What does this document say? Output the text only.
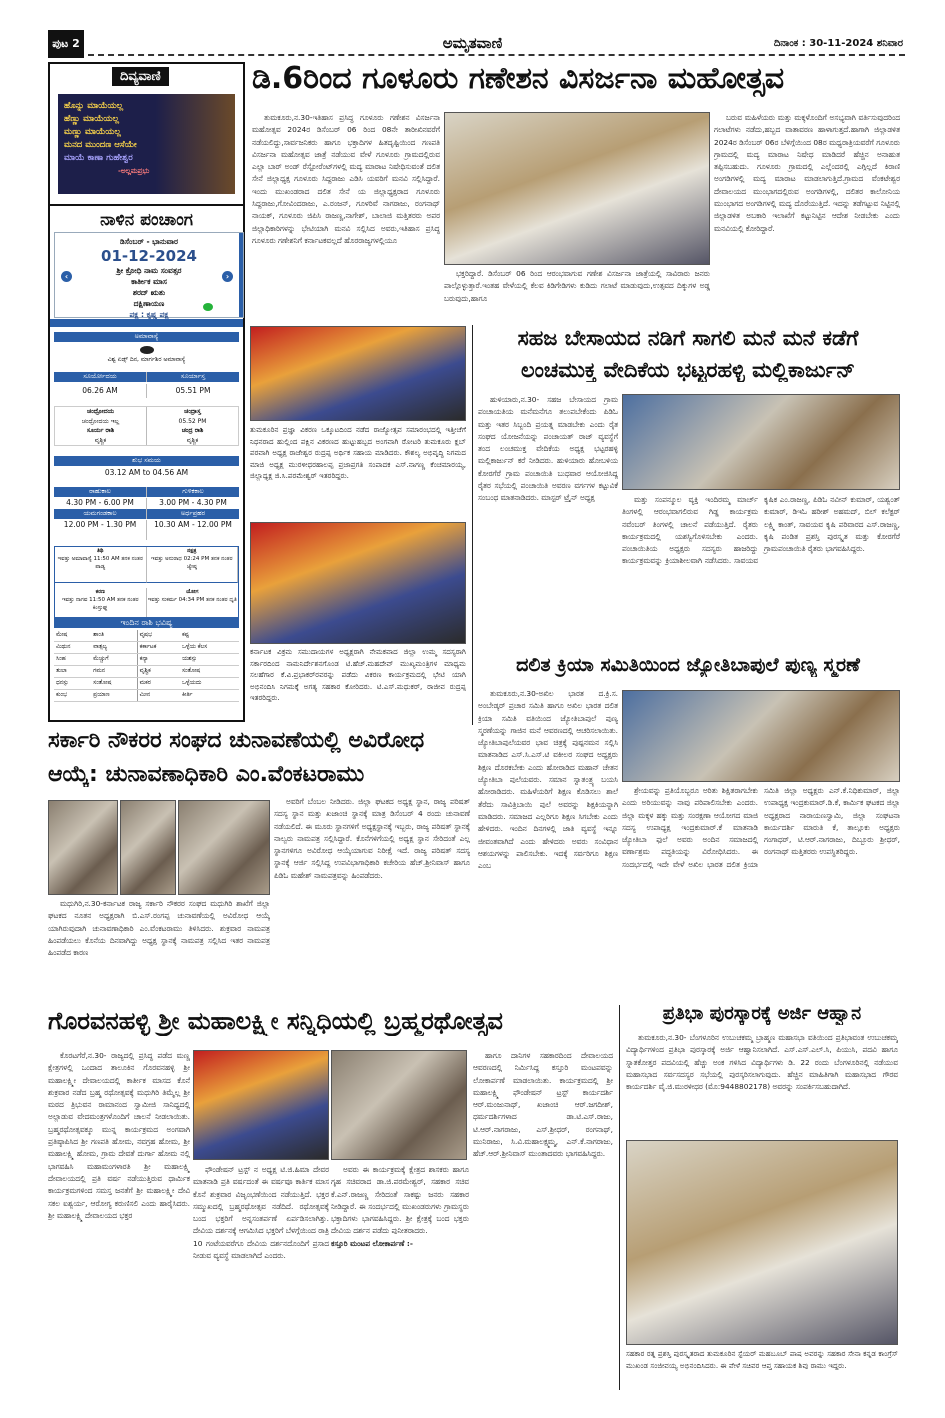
ಪುಟ 2	ಅಮೃತವಾಣಿ	ದಿನಾಂಕ : 30-11-2024 ಶನಿವಾರ
ದಿವ್ಯವಾಣಿ
ಹೊನ್ನು ಮಾಯೆಯಲ್ಲ
ಹೆಣ್ಣು ಮಾಯೆಯಲ್ಲ
ಮಣ್ಣು ಮಾಯೆಯಲ್ಲ
ಮನದ ಮುಂದಣ ಆಸೆಯೇ
ಮಾಯೆ ಕಾಣಾ ಗುಹೇಶ್ವರ
-ಅಲ್ಲಮಪ್ರಭು
ನಾಳಿನ ಪಂಚಾಂಗ
ಡಿಸೆಂಬರ್ - ಭಾನುವಾರ
01-12-2024
ಶ್ರೀ ಕ್ರೋಧಿ ನಾಮ ಸಂವತ್ಸರ
ಕಾರ್ತೀಕ ಮಾಸ
ಶರದ್ ಋತು
ದಕ್ಷಿಣಾಯಣ
ಪಕ್ಷ : ಕೃಷ್ಣ ಪಕ್ಷ
‹	›
ಅಮಾವಾಸ್ಯೆ
ವಿಶ್ವ ಏಡ್ಸ್ ದಿನ, ಮಾರ್ಗಶಿರ ಅಮಾವಾಸ್ಯೆ
ಸೂರ್ಯೋದಯ	ಸೂರ್ಯಾಸ್ತ
06.26 AM	05.51 PM
ಚಂದ್ರೋದಯ
ಚಂದ್ರೋದಯ ಇಲ್ಲ
ಸೂರ್ಯ ರಾಶಿ
ವೃಶ್ಚಿಕ
ಚಂದ್ರಾಸ್ತ
05.52 PM
ಚಂದ್ರ ರಾಶಿ
ವೃಶ್ಚಿಕ
ಶುಭ ಸಮಯ
03.12 AM to 04.56 AM
ರಾಹುಕಾಲ	ಗುಳಿಕಕಾಲ
4.30 PM - 6.00 PM	3.00 PM - 4.30 PM
ಯಮಗಂಡಕಾಲ	ಅರ್ಧಪ್ರಹರ
12.00 PM - 1.30 PM	10.30 AM - 12.00 PM
ತಿಥಿ
ಇವತ್ತು ಅಮಾವಾಸ್ಯೆ 11:50 AM ತನಕ ನಂತರ ಪಾಡ್ಯ
ನಕ್ಷತ್ರ
ಇವತ್ತು ಅನುರಾಧ 02:24 PM ತನಕ ನಂತರ ಜ್ಯೇಷ್ಠ
ಕರಣ
ಇವತ್ತು ನಾಗವ 11:50 AM ತನಕ ನಂತರ ಕಿಂಸ್ತುಘ್ನ
ಯೋಗ
ಇವತ್ತು ಸುಕರ್ಮ 04:34 PM ತನಕ ನಂತರ ಧೃತಿ
ಇಂದಿನ ರಾಶಿ ಭವಿಷ್ಯ
ಮೇಷ	ಶಾಂತಿ	ವೃಷಭ	ಕಷ್ಟ
ಮಿಥುನ	ವಾತ್ಸಲ್ಯ	ಕರ್ಕಾಟಕ	ಒಳ್ಳೆಯ ಕೆಲಸ
ಸಿಂಹ	ಮೆಚ್ಚುಗೆ	ಕನ್ಯಾ	ಯಶಸ್ಸು
ತುಲಾ	ಗಮನ	ವೃಶ್ಚಿಕ	ಸಂತೋಷ
ಧನಸ್ಸು	ಸಂತೋಷ	ಮಕರ	ಒಳ್ಳೆಯದು
ಕುಂಭ	ಪ್ರಯಾಣ	ಮೀನ	ಕೀರ್ತಿ
ಡಿ.6ರಿಂದ ಗೂಳೂರು ಗಣೇಶನ ವಿಸರ್ಜನಾ ಮಹೋತ್ಸವ

ತುಮಕೂರು,ನ.30-ಇತಿಹಾಸ ಪ್ರಸಿದ್ಧ ಗೂಳೂರು ಗಣೇಶನ ವಿಸರ್ಜನಾ ಮಹೋತ್ಸವ 2024ರ ಡಿಸೆಂಬರ್ 06 ರಿಂದ 08ನೇ ತಾರೀಖಿನವರೆಗೆ ನಡೆಯಲಿದ್ದು,ಸಾರ್ವಜನಿಕರು ಹಾಗೂ ಭಕ್ತಾದಿಗಳ ಹಿತದೃಷ್ಟಿಯಿಂದ ಗಣಪತಿ ವಿಸರ್ಜನಾ ಮಹೋತ್ಸವ ಜಾತ್ರೆ ನಡೆಯುವ ವೇಳೆ ಗೂಳೂರು ಗ್ರಾಮದಲ್ಲಿರುವ ಎಲ್ಲಾ ಬಾರ್ ಅಂಡ್ ರೆಸ್ಟೋರೆಂಟ್‌ಗಳಲ್ಲಿ ಮದ್ಯ ಮಾರಾಟ ನಿಷೇಧಿಸುವಂತೆ ದಲಿತ ಸೇನೆ ಜಿಲ್ಲಾಧ್ಯಕ್ಷ ಗೂಳೂರು ಸಿದ್ದರಾಜು ಎಡಿಸಿ ಯವರಿಗೆ ಮನವಿ ಸಲ್ಲಿಸಿದ್ದಾರೆ. ಇಂದು ಮುಖಂಡರಾದ ದಲಿತ ಸೇನೆ ಯ ಜಿಲ್ಲಾಧ್ಯಕ್ಷರಾದ ಗೂಳೂರು ಸಿದ್ದರಾಜು,ಗೋವಿಂದರಾಜು, ಎ.ರಂಜನ್, ಗೂಳರಿವೆ ನಾಗರಾಜು, ರಂಗನಾಥ್ ನಾಯಕ್, ಗೂಳೂರು ಜಿಪಿಸಿ ರಾಜಣ್ಣ,ನಾಗೇಶ್, ಬಾಲಾಜಿ ಮತ್ತಿತರರು ಅಪರ ಜಿಲ್ಲಾಧಿಕಾರಿಗಳನ್ನು ಭೇಟಿಯಾಗಿ ಮನವಿ ಸಲ್ಲಿಸಿದ ಅವರು,ಇತಿಹಾಸ ಪ್ರಸಿದ್ಧ ಗೂಳೂರು ಗಣೇಶನಿಗೆ ಕರ್ನಾಟಕವಲ್ಲದೆ ಹೊರರಾಜ್ಯಗಳಲ್ಲಿಯೂ

ಭಕ್ತರಿದ್ದಾರೆ. ಡಿಸೆಂಬರ್ 06 ರಿಂದ ಆರಂಭವಾಗುವ ಗಣೇಶ ವಿಸರ್ಜನಾ ಜಾತ್ರೆಯಲ್ಲಿ ಸಾವಿರಾರು ಜನರು ಪಾಲ್ಗೊಳ್ಳುತ್ತಾರೆ.ಇಂತಹ ವೇಳೆಯಲ್ಲಿ ಕೆಲವ ಕಿಡಿಗೇಡಿಗಳು ಕುಡಿದು ಗಲಾಟೆ ಮಾಡುವುದು,ಉತ್ಸವದ ದಿಕ್ಕುಗಳ ಅಡ್ಡ ಬರುವುದು,ಹಾಗೂ

ಬರುವ ಮಹಿಳೆಯರು ಮತ್ತು ಮಕ್ಕಳೊಂದಿಗೆ ಅಸಭ್ಯವಾಗಿ ವರ್ತಿಸುವುದರಿಂದ ಗಲಾಟೆಗಳು ನಡೆದು,ಹಬ್ಬದ ವಾತಾವರಣ ಹಾಳಾಗುತ್ತದೆ.ಹಾಗಾಗಿ ಜಿಲ್ಲಾಡಳಿತ 2024ರ ಡಿಸೆಂಬರ್ 06ರ ಬೆಳಿಗ್ಗೆಯಿಂದ 08ರ ಮಧ್ಯರಾತ್ರಿಯವರೆಗೆ ಗೂಳೂರು ಗ್ರಾಮದಲ್ಲಿ ಮದ್ಯ ಮಾರಾಟ ನಿಷೇಧ ಮಾಡಿದರೆ ಹೆಚ್ಚಿನ ಅನಾಹುತ ತಪ್ಪಿಸಬಹುದು. ಗೂಳೂರು ಗ್ರಾಮದಲ್ಲಿ ಎಲ್ಲೆಂದರಲ್ಲಿ ಎಗ್ಗಿಲ್ಲದೆ ಕಿರಾಣಿ ಅಂಗಡಿಗಳಲ್ಲಿ ಮದ್ಯ ಮಾರಾಟ ಮಾಡಲಾಗುತ್ತಿದೆ.ಗ್ರಾಮದ ವೆಂಕಟೇಶ್ವರ ದೇವಾಲಯದ ಮುಂಭಾಗದಲ್ಲಿರುವ ಅಂಗಡಿಗಳಲ್ಲಿ, ದಲಿತರ ಕಾಲೋನಿಯ ಮುಂಭಾಗದ ಅಂಗಡಿಗಳಲ್ಲಿ ಮದ್ಯ ದೊರೆಯುತ್ತಿದೆ. ಇದನ್ನು ತಡೆಗಟ್ಟುವ ನಿಟ್ಟಿನಲ್ಲಿ ಜಿಲ್ಲಾಡಳಿತ ಅಬಕಾರಿ ಇಲಾಖೆಗೆ ಕಟ್ಟುನಿಟ್ಟಿನ ಆದೇಶ ನೀಡಬೇಕು ಎಂದು ಮನವಿಯಲ್ಲಿ ಕೋರಿದ್ದಾರೆ.

ತುಮಕೂರಿನ ಪ್ರಜ್ಞಾ ವಿಕರಣ ಒಕ್ಕೂಟದಿಂದ ನಡೆದ ರಾಜ್ಯೋತ್ಸವ ಸಮಾರಂಭದಲ್ಲಿ ಇತ್ತೀಚೆಗೆ ನಿಧನರಾದ ಹುಲ್ಲಿಂದ ಪಕ್ಷಿನ ವಿಕರಣದ ಹುಟ್ಟುಹಬ್ಬದ ಅಂಗವಾಗಿ ರೋಟರಿ ತುಮಕೂರು ಕ್ಲಬ್ ಪರವಾಗಿ ಅಧ್ಯಕ್ಷ ರಾಜೇಶ್ವರ ರುದ್ರಪ್ಪ ಅರ್ಥಿಕ ಸಹಾಯ ಮಾಡಿದರು. ಕೌಶಲ್ಯ ಅಭಿವೃದ್ಧಿ ನಿಗಮದ ಮಾಜಿ ಅಧ್ಯಕ್ಷ ಮುರಳೀಧರಹಾಲಪ್ಪ ಪ್ರಜಾಪ್ರಗತಿ ಸಂಪಾದಕ ಎಸ್.ನಾಗಣ್ಣ ಕೆಂಚಮಾರಯ್ಯ, ಜಿಲ್ಲಾಧ್ಯಕ್ಷ ಜಿ.ಸಿ.ಪರಮೇಶ್ವರ್ ಇತರರಿದ್ದರು.
ಕರ್ನಾಟಕ ವಿಕ್ರಮ ಸಮುದಾಯಗಳ ಅಧ್ಯಕ್ಷರಾಗಿ ನೇಮಕವಾದ ಜಿಲ್ಲಾ ಉಮ್ಮ ಸದಸ್ಯರಾಗಿ ಸರ್ಕಾರದಿಂದ ನಾಮನಿರ್ದೇಶನಗೊಂಡ ಟಿ.ಹೆಚ್.ಮಹದೇವ್ ಮುಖ್ಯಮಂತ್ರಿಗಳ ಮಾಧ್ಯಮ ಸಲಹೆಗಾರ ಕೆ.ವಿ.ಪ್ರಭಾಕರ್‌ರವರನ್ನು ಪಡೆದು ವಿಕರಣ ಕಾರ್ಯಕ್ರಮದಲ್ಲಿ ಭೇಟಿ ಯಾಗಿ ಅಭಿನಂದಿಸಿ ನಿಗಮಕ್ಕೆ ಅಗತ್ಯ ಸಹಕಾರ ಕೋರಿದರು. ಟಿ.ಎಸ್.ಮಧುಕರ್, ರಾಜೀವ ರುದ್ರಪ್ಪ ಇತರರಿದ್ದರು.
ಸಹಜ ಬೇಸಾಯದ ನಡಿಗೆ ಸಾಗಲಿ ಮನೆ ಮನೆ ಕಡೆಗೆ
ಲಂಚಮುಕ್ತ ವೇದಿಕೆಯ ಭಟ್ಟರಹಳ್ಳಿ ಮಲ್ಲಿಕಾರ್ಜುನ್

ಹುಳಿಯಾರು,ನ.30- ಸಹಜ ಬೇಸಾಯದ ಗ್ರಾಮ ಪಂಚಾಯತಿಯ ಮನೆಮನೆಗೂ ತಲುಪಬೇಕೆಂದು ಪಿಡಿಓ ಮತ್ತು ಇತರ ಸಿಬ್ಬಂದಿ ಪ್ರಯತ್ನ ಮಾಡಬೇಕು ಎಂದು ರೈತ ಸಂಘದ ಯೋಜನೆಯನ್ನು ಪಂಚಾಯತ್ ರಾಜ್ ವ್ಯವಸ್ಥೆಗೆ ತಂದ ಲಂಚಮುಕ್ತ ವೇದಿಕೆಯ ಅಧ್ಯಕ್ಷ ಭಟ್ಟರಹಳ್ಳಿ ಮಲ್ಲಿಕಾರ್ಜುನ್ ಕರೆ ನೀಡಿದರು. ಹುಳಿಯಾರು ಹೋಬಳಿಯ ಕೋರಗೆರೆ ಗ್ರಾಮ ಪಂಚಾಯಿತಿ ಬುಧವಾರ ಆಯೋಜಿಸಿದ್ದ ರೈತರ ಸಭೆಯಲ್ಲಿ ಪಂಚಾಯಿತಿ ಅವರಣ ವರ್ಗಗಳ ಕಟ್ಟುವಿಕೆ ಸಂಬಂಧ ಮಾತನಾಡಿದರು. ಮಾಸ್ಟರ್ ಟ್ರೈನ್ ಅಧ್ಯಕ್ಷ	ಮತ್ತು ಸಂಪನ್ಮೂಲ ವ್ಯಕ್ತಿ ಇಂದಿರಮ್ಮ ಮಾರ್ಚ್ ತಿಂಗಳಲ್ಲಿ ಆರಂಭವಾಗಲಿರುವ ಗಿಡ್ಡ ಕಾರ್ಯಕ್ರಮ ನವೆಂಬರ್ ತಿಂಗಳಲ್ಲಿ ಚಾಲನೆ ಪಡೆಯುತ್ತಿದೆ. ರೈತರು ಕಾರ್ಯಕ್ರಮದಲ್ಲಿ ಯಶಸ್ವಿಗೊಳಿಸಬೇಕು ಎಂದರು. ಪಂಚಾಯಿತಿಯ ಅಧ್ಯಕ್ಷರು ಸದಸ್ಯರು ಹಾಜರಿದ್ದು ಕಾರ್ಯಕ್ರಮವನ್ನು ಕ್ರಿಯಾಶೀಲವಾಗಿ ನಡೆಸಿದರು. ಸಾವಯವ ಕೃಷಿಕ ಎಂ.ರಾಜಣ್ಣ, ಪಿಡಿಓ ನವೀನ್ ಕುಮಾರ್, ಯಶ್ವಂತ್ ಕುಮಾರ್, ಡಿಇಓ ಹರೀಶ್ ಅಹಮದ್, ಬಿಲ್ ಕಲೆಕ್ಟರ್ ಲಕ್ಷ್ಮಿ ಕಾಂತ್, ಸಾವಯವ ಕೃಷಿ ಪರಿವಾರದ ಎಸ್.ರಾಜಣ್ಣ, ಕೃಷಿ ಪಂಡಿತ ಪ್ರಶಸ್ತಿ ಪುರಸ್ಕೃತ ಮತ್ತು ಕೋರಗೆರೆ ಗ್ರಾಮಪಂಚಾಯಿತಿ ರೈತರು ಭಾಗವಹಿಸಿದ್ದರು.

ದಲಿತ ಕ್ರಿಯಾ ಸಮಿತಿಯಿಂದ ಜ್ಯೋತಿಬಾಪುಲೆ ಪುಣ್ಯ ಸ್ಮರಣೆ

ತುಮಕೂರು,ನ.30-ಅಖಿಲ ಭಾರತ ದ.ಕ್ರಿ.ಸ. ಅಂಬೇಡ್ಕರ್ ಪ್ರಚಾರ ಸಮಿತಿ ಹಾಗೂ ಅಖಿಲ ಭಾರತ ದಲಿತ ಕ್ರಿಯಾ ಸಮಿತಿ ವತಿಯಿಂದ ಜ್ಯೋತಿಬಾಪುಲೆ ಪುಣ್ಯ ಸ್ಮರಣೆಯನ್ನು ಗಾಜಿನ ಮನೆ ಆವರಣದಲ್ಲಿ ಆಚರಿಸಲಾಯಿತು. ಜ್ಯೋತಿಬಾಪುಲೆಯವರ ಭಾವ ಚಿತ್ರಕ್ಕೆ ಪುಷ್ಪನಮನ ಸಲ್ಲಿಸಿ ಮಾತನಾಡಿದ ಎಸ್.ಸಿ.ಎಸ್.ಟಿ ವಕೀಲರ ಸಂಘದ ಅಧ್ಯಕ್ಷರು ಶಿಕ್ಷಣ ದೊರಕಬೇಕು ಎಂದು ಹೋರಾಡಿದ ಮಹಾನ್ ಚೇತನ ಜ್ಯೋತಿಬಾ ಪುಲೆಯವರು. ಸಮಾನ ಸ್ವಾತಂತ್ರ್ಯ ಬಯಸಿ ಹೋರಾಡಿದರು. ಮಹಿಳೆಯರಿಗೆ ಶಿಕ್ಷಣ ಕೊಡಿಸಲು ಶಾಲೆ ತೆರೆದು ಸಾವಿತ್ರಿಬಾಯಿ ಪುಲೆ ಅವರನ್ನು ಶಿಕ್ಷಕಿಯನ್ನಾಗಿ ಮಾಡಿದರು. ಸಮಾಜದ ಎಲ್ಲರಿಗೂ ಶಿಕ್ಷಣ ಸಿಗಬೇಕು ಎಂದು ಹೇಳಿದರು. ಇಂದಿನ ದಿನಗಳಲ್ಲಿ ಜಾತಿ ವ್ಯವಸ್ಥೆ ಇನ್ನೂ ಜೀವಂತವಾಗಿದೆ ಎಂದು ಹೇಳಿದರು ಅವರು ಸಂವಿಧಾನ ಆಶಯಗಳನ್ನು ಪಾಲಿಸಬೇಕು. ಇದಕ್ಕೆ ಸರ್ವರಿಗೂ ಶಿಕ್ಷಣ ಎಂಬ

ಶ್ರೇಯವನ್ನು ಪ್ರತಿಯೊಬ್ಬರೂ ಅರಿತು ಶಿಕ್ಷಿತರಾಗಬೇಕು ಎಂದು ಅರಿಯುವನ್ನು ನಾವು ಪರಿಪಾಲಿಸಬೇಕು ಎಂದರು. ಜಿಲ್ಲಾ ಮಕ್ಕಳ ಹಕ್ಕು ಮತ್ತು ಸಂರಕ್ಷಣಾ ಆಯೋಗದ ಮಾಜಿ ಸದಸ್ಯ ಉಪಾಧ್ಯಕ್ಷ ಇಂದ್ರಕುಮಾರ್.ಕೆ ಮಾತನಾಡಿ ಜ್ಯೋತಿಬಾ ಫುಲೆ ಅವರು ಅಂದಿನ ಸಮಾಜದಲ್ಲಿ ವರ್ಣಾಶ್ರಮ ಪದ್ಧತಿಯನ್ನು ವಿರೋಧಿಸಿದರು. ಈ ಸಂದರ್ಭದಲ್ಲಿ ಇದೇ ವೇಳೆ ಅಖಿಲ ಭಾರತ ದಲಿತ ಕ್ರಿಯಾ ಸಮಿತಿ ಜಿಲ್ಲಾ ಅಧ್ಯಕ್ಷರು ಎನ್.ಕೆ.ನಿಧಿಕುಮಾರ್, ಜಿಲ್ಲಾ ಉಪಾಧ್ಯಕ್ಷ ಇಂದ್ರಕುಮಾರ್.ಡಿ.ಕೆ, ಕಾರ್ಮಿಕ ಘಟಕದ ಜಿಲ್ಲಾ ಅಧ್ಯಕ್ಷರಾದ ನಾರಾಯಣಸ್ವಾಮಿ, ಜಿಲ್ಲಾ ಸಂಘಟನಾ ಕಾರ್ಯದರ್ಶಿ ಮಾರುತಿ ಕೆ, ತಾಲ್ಲೂಕು ಅಧ್ಯಕ್ಷರು ಗಂಗಾಧರ್, ಟಿ.ಆರ್.ನಾಗರಾಜು, ದಿಬ್ಬೂರು ಶ್ರೀಧರ್, ರಂಗನಾಥ್ ಮತ್ತಿತರರು ಉಪಸ್ಥಿತರಿದ್ದರು.

ಸರ್ಕಾರಿ ನೌಕರರ ಸಂಘದ ಚುನಾವಣೆಯಲ್ಲಿ ಅವಿರೋಧ
ಆಯ್ಕೆ: ಚುನಾವಣಾಧಿಕಾರಿ ಎಂ.ವೆಂಕಟರಾಮು

ಮಧುಗಿರಿ,ನ.30-ಕರ್ನಾಟಕ ರಾಜ್ಯ ಸರ್ಕಾರಿ ನೌಕರರ ಸಂಘದ ಮಧುಗಿರಿ ಶಾಖೆಗೆ ಜಿಲ್ಲಾ ಘಟಕದ ನೂತನ ಅಧ್ಯಕ್ಷರಾಗಿ ಬಿ.ಎಸ್.ರಂಗಪ್ಪ ಚುನಾವಣೆಯಲ್ಲಿ ಅವಿರೋಧ ಆಯ್ಕೆ ಯಾಗಿರುವುದಾಗಿ ಚುನಾವಣಾಧಿಕಾರಿ ಎಂ.ವೆಂಕಟರಾಮು ತಿಳಿಸಿದರು. ಶುಕ್ರವಾರ ನಾಮಪತ್ರ ಹಿಂಪಡೆಯಲು ಕೊನೆಯ ದಿನವಾಗಿದ್ದು ಅಧ್ಯಕ್ಷ ಸ್ಥಾನಕ್ಕೆ ನಾಮಪತ್ರ ಸಲ್ಲಿಸಿದ ಇತರ ನಾಮಪತ್ರ ಹಿಂಪಡೆದ ಕಾರಣ

ಅವರಿಗೆ ಬೆಂಬಲ ನೀಡಿದರು. ಜಿಲ್ಲಾ ಘಟಕದ ಅಧ್ಯಕ್ಷ ಸ್ಥಾನ, ರಾಜ್ಯ ಪರಿಷತ್ ಸದಸ್ಯ ಸ್ಥಾನ ಮತ್ತು ಖಜಾಂಚಿ ಸ್ಥಾನಕ್ಕೆ ಮಾತ್ರ ಡಿಸೆಂಬರ್ 4 ರಂದು ಚುನಾವಣೆ ನಡೆಯಲಿದೆ. ಈ ಮೂರು ಸ್ಥಾನಗಳಿಗೆ ಅಧ್ಯಕ್ಷಸ್ಥಾನಕ್ಕೆ ಇಬ್ಬರು, ರಾಜ್ಯ ಪರಿಷತ್ ಸ್ಥಾನಕ್ಕೆ ನಾಲ್ವರು ನಾಮಪತ್ರ ಸಲ್ಲಿಸಿದ್ದಾರೆ. ಕೊನೆಗಳಿಗೆಯಲ್ಲಿ ಅಧ್ಯಕ್ಷ ಸ್ಥಾನ ಸೇರಿದಂತೆ ಎಲ್ಲ ಸ್ಥಾನಗಳಿಗೂ ಅವಿರೋಧ ಆಯ್ಕೆಯಾಗುವ ನಿರೀಕ್ಷೆ ಇದೆ. ರಾಜ್ಯ ಪರಿಷತ್ ಸದಸ್ಯ ಸ್ಥಾನಕ್ಕೆ ಆರ್ಜಿ ಸಲ್ಲಿಸಿದ್ದ ಉಪವಿಭಾಗಾಧಿಕಾರಿ ಕಚೇರಿಯ ಹೆಚ್.ಶ್ರೀನಿವಾಸ್ ಹಾಗೂ ಪಿಡಿಓ ಮಹೇಶ್ ನಾಮಪತ್ರವನ್ನು ಹಿಂಪಡೆದರು.

ಗೊರವನಹಳ್ಳಿ ಶ್ರೀ ಮಹಾಲಕ್ಷ್ಮೀ ಸನ್ನಿಧಿಯಲ್ಲಿ ಬ್ರಹ್ಮರಥೋತ್ಸವ

ಕೊರಟಗೆರೆ,ನ.30- ರಾಜ್ಯದಲ್ಲಿ ಪ್ರಸಿದ್ಧ ಪಡೆದ ಮಣ್ಣ ಕ್ಷೇತ್ರಗಳಲ್ಲಿ ಒಂದಾದ ತಾಲೂಕಿನ ಗೊರವನಹಳ್ಳಿ ಶ್ರೀ ಮಹಾಲಕ್ಷ್ಮೀ ದೇವಾಲಯದಲ್ಲಿ ಕಾರ್ತೀಕ ಮಾಸದ ಕೊನೆ ಶುಕ್ರವಾರ ನಡೆದ ಬ್ರಹ್ಮ ರಥೋತ್ಸವಕ್ಕೆ ಮಧುಗಿರಿ ತಿಮ್ಮೆಲ್ಲ ಶ್ರೀ ಮಠದ ತ್ರಿಭುವನ ರಾಮಾನಂದ ಸ್ವಾಮೀಜಿ ಸಾನಿಧ್ಯದಲ್ಲಿ ಅಲ್ಲಾಡುವ ವೇದಮಂತ್ರಗಳೊಂದಿಗೆ ಚಾಲನೆ ನೀಡಲಾಯಿತು. ಬ್ರಹ್ಮರಥೋತ್ಸವಕ್ಕೂ ಮುನ್ನ ಕಾರ್ಯಕ್ರಮದ ಅಂಗವಾಗಿ ಪ್ರತಿಷ್ಠಾಪಿಸಿದ ಶ್ರೀ ಗಣಪತಿ ಹೋಮ, ನವಗ್ರಹ ಹೋಮ, ಶ್ರೀ ಮಹಾಲಕ್ಷ್ಮಿ ಹೋಮ, ಗ್ರಾಮ ದೇವತೆ ದುರ್ಗಾ ಹೋಮ ನಲ್ಲಿ ಭಾಗವಹಿಸಿ ಮಹಾಮಂಗಳಾರತಿ ಶ್ರೀ ಮಹಾಲಕ್ಷ್ಮಿ ದೇವಾಲಯದಲ್ಲಿ ಪ್ರತಿ ವರ್ಷ ನಡೆಯುತ್ತಿರುವ ಧಾರ್ಮಿಕ ಕಾರ್ಯಕ್ರಮಗಳಿಂದ ಸಮಸ್ತ ಜನತೆಗೆ ಶ್ರೀ ಮಹಾಲಕ್ಷ್ಮೀ ದೇವಿ ಸಕಲ ಐಶ್ವರ್ಯ, ಆರೋಗ್ಯ ಕರುಣಿಸಲಿ ಎಂದು ಹಾರೈಸಿದರು. ಶ್ರೀ ಮಹಾಲಕ್ಷ್ಮಿ ದೇವಾಲಯದ ಭಕ್ತರ

ಫೌಂಡೇಷನ್ ಟ್ರಸ್ಟ್ ನ ಅಧ್ಯಕ್ಷ ಟಿ.ಜಿ.ಹಿಮಾ ದೇವರ ಮಾತನಾಡಿ ಪ್ರತಿ ವರ್ಷದಂತೆ ಈ ವರ್ಷವೂ ಕಾರ್ತಿಕ ಮಾಸ ಕೊನೆ ಶುಕ್ರವಾರ ವಿಜೃಂಭಣೆಯಿಂದ ನಡೆಯುತ್ತಿದೆ. ಭಕ್ತರ ಸಮ್ಮುಖದಲ್ಲಿ ಬ್ರಹ್ಮರಥೋತ್ಸವ ನಡೆದಿದೆ. ರಥೋತ್ಸವಕ್ಕೆ ಬಂದ ಭಕ್ತರಿಗೆ ಅನ್ನಸಂತರ್ಪಣೆ ಏರ್ಪಡಿಸಲಾಗಿತ್ತು. ದೇವಿಯ ದರ್ಶನಕ್ಕೆ ಆಗಮಿಸಿದ ಭಕ್ತರಿಗೆ ಬೆಳಗ್ಗೆಯಿಂದ ರಾತ್ರಿ 10 ಗಂಟೆಯವರೆಗೂ ದೇವಿಯ ದರ್ಶನದೊಂದಿಗೆ ಪ್ರಸಾದ ನೀಡುವ ವ್ಯವಸ್ಥೆ ಮಾಡಲಾಗಿದೆ ಎಂದರು.

ಅವರು ಈ ಕಾರ್ಯಕ್ರಮಕ್ಕೆ ಕ್ಷೇತ್ರದ ಶಾಸಕರು ಹಾಗೂ ಗೃಹ ಸಚಿವರಾದ ಡಾ.ಜಿ.ಪರಮೇಶ್ವರ್, ಸಹಕಾರ ಸಚಿವ ಕೆ.ಎನ್.ರಾಜಣ್ಣ ಸೇರಿದಂತೆ ಸಾಕಷ್ಟು ಜನರು ಸಹಕಾರ ನೀಡಿದ್ದಾರೆ. ಈ ಸಂದರ್ಭದಲ್ಲಿ ಮುಖಂಡರುಗಳು ಗ್ರಾಮಸ್ಥರು ಭಕ್ತಾದಿಗಳು ಭಾಗವಹಿಸಿದ್ದರು. ಶ್ರೀ ಕ್ಷೇತ್ರಕ್ಕೆ ಬಂದ ಭಕ್ತರು ದೇವಿಯ ದರ್ಶನ ಪಡೆದು ಪುನೀತರಾದರು.

ಕಸ್ತೂರಿ ಮಂಟಪ ಲೋಕಾರ್ಪಣೆ :-

ಹಾಗೂ ದಾನಿಗಳ ಸಹಕಾರದಿಂದ ದೇವಾಲಯದ ಆವರಣದಲ್ಲಿ ನಿರ್ಮಿಸಿದ್ದ ಕಸ್ತೂರಿ ಮಂಟಪವನ್ನು ಲೋಕಾರ್ಪಣೆ ಮಾಡಲಾಯಿತು. ಕಾರ್ಯಕ್ರಮದಲ್ಲಿ ಶ್ರೀ ಮಹಾಲಕ್ಷ್ಮಿ ಫೌಂಡೇಷನ್ ಟ್ರಸ್ಟ್ ಕಾರ್ಯದರ್ಶಿ ಆರ್.ಮಂಜುನಾಥ್, ಖಜಾಂಚಿ ಆರ್.ಜಗದೀಶ್, ಧರ್ಮದರ್ಶಿಗಳಾದ ಡಾ.ಟಿ.ಎಸ್.ರಾಜು, ಟಿ.ಆರ್.ನಾಗರಾಜು, ಎಸ್.ಶ್ರೀಧರ್, ರಂಗನಾಥ್, ಮುನಿರಾಜು, ಸಿ.ವಿ.ಮಹಾಲಕ್ಷ್ಮಮ್ಮ, ಎನ್.ಕೆ.ನಾಗರಾಜು, ಹೆಚ್.ಆರ್.ಶ್ರೀನಿವಾಸ್ ಮುಂತಾದವರು ಭಾಗವಹಿಸಿದ್ದರು.

ಪ್ರತಿಭಾ ಪುರಸ್ಕಾರಕ್ಕೆ ಅರ್ಜಿ ಆಹ್ವಾನ

ತುಮಕೂರು,ನ.30- ಬೆಂಗಳೂರಿನ ಉಬುಚಕಮ್ಮ ಬ್ರಾಹ್ಮಣ ಮಹಾಸಭಾ ವತಿಯಿಂದ ಪ್ರತಿಭಾವಂತ ಉಬುಚಕಮ್ಮ ವಿದ್ಯಾರ್ಥಿಗಳಿಂದ ಪ್ರತಿಭಾ ಪುರಸ್ಕಾರಕ್ಕೆ ಅರ್ಜಿ ಆಹ್ವಾನಿಸಲಾಗಿದೆ. ಎಸ್.ಎಸ್.ಎಲ್.ಸಿ, ಪಿಯುಸಿ, ಪದವಿ ಹಾಗೂ ಸ್ನಾತಕೋತ್ತರ ಪದವಿಯಲ್ಲಿ ಹೆಚ್ಚು ಅಂಕ ಗಳಿಸಿದ ವಿದ್ಯಾರ್ಥಿಗಳು ಡಿ. 22 ರಂದು ಬೆಂಗಳೂರಿನಲ್ಲಿ ನಡೆಯುವ ಮಹಾಸಭಾದ ಸರ್ವಸದಸ್ಯರ ಸಭೆಯಲ್ಲಿ ಪುರಸ್ಕರಿಸಲಾಗುವುದು. ಹೆಚ್ಚಿನ ಮಾಹಿತಿಗಾಗಿ ಮಹಾಸಭಾದ ಗೌರವ ಕಾರ್ಯದರ್ಶಿ ವೈ.ಜಿ.ಮುರಳೀಧರ (ಮೊ:9448802178) ಅವರನ್ನು ಸಂಪರ್ಕಿಸಬಹುದಾಗಿದೆ.

ಸಹಕಾರ ರತ್ನ ಪ್ರಶಸ್ತಿ ಪುರಸ್ಕೃತರಾದ ತುಮಕೂರಿನ ಸ್ಟೆಯರ್ ಮಹಬೂಬ್ ಪಾಷ ಅವರನ್ನು ಸಹಕಾರ ಸೇನಾ ಕನ್ನಡ ಕಾಂಗ್ರೆಸ್ ಮುಖಂಡ ಸಂಜೀವಯ್ಯ ಅಭಿನಂದಿಸಿದರು. ಈ ವೇಳೆ ಸಚಿವರ ಆಪ್ತ ಸಹಾಯಕ ಶಿವು ರಾಮು ಇದ್ದರು.
